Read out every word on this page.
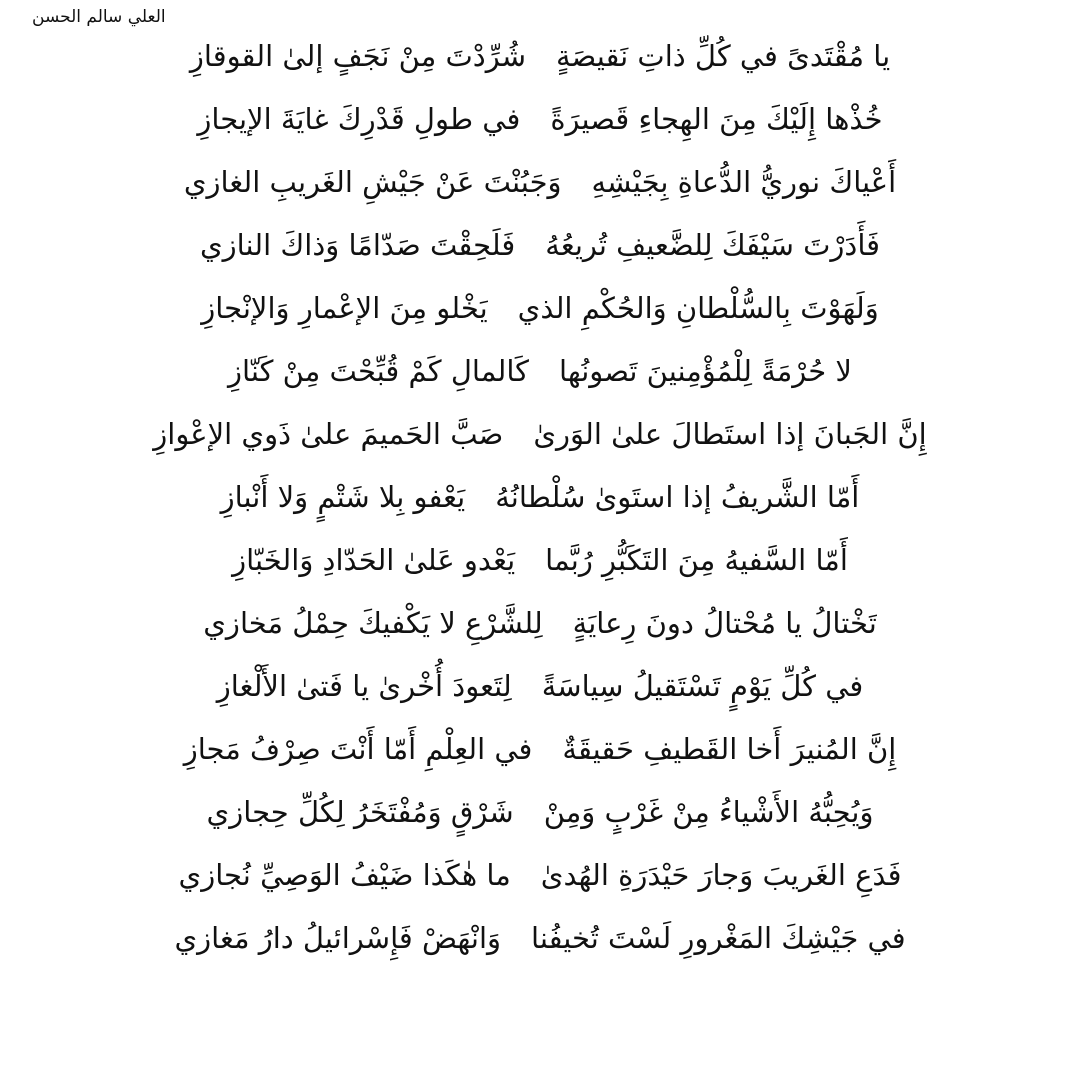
العلي سالم الحسن
يا مُقْتَدىً في كُلِّ ذاتِ نَقيصَةٍ
شُرِّدْتَ مِنْ نَجَفٍ إلىٰ القوقازِ
خُذْها إِلَيْكَ مِنَ الهِجاءِ قَصيرَةً
في طولِ قَدْرِكَ غايَةَ الإيجازِ
أَعْياكَ نوريُّ الدُّعاةِ بِجَيْشِهِ
وَجَبُنْتَ عَنْ جَيْشِ الغَريبِ الغازي
فَأَدَرْتَ سَيْفَكَ لِلضَّعيفِ تُريعُهُ
فَلَحِقْتَ صَدّامًا وَذاكَ النازي
وَلَهَوْتَ بِالسُّلْطانِ وَالحُكْمِ الذي
يَخْلو مِنَ الإعْمارِ وَالإنْجازِ
لا حُرْمَةً لِلْمُؤْمِنينَ تَصونُها
كَالمالِ كَمْ قُبِّحْتَ مِنْ كَنّازِ
إِنَّ الجَبانَ إذا استَطالَ علىٰ الوَرىٰ
صَبَّ الحَميمَ علىٰ ذَوي الإعْوازِ
أَمّا الشَّريفُ إذا استَوىٰ سُلْطانُهُ
يَعْفو بِلا شَتْمٍ وَلا أَنْبازِ
أَمّا السَّفيهُ مِنَ التَكَبُّرِ رُبَّما
يَعْدو عَلىٰ الحَدّادِ وَالخَبّازِ
تَخْتالُ يا مُحْتالُ دونَ رِعايَةٍ
لِلشَّرْعِ لا يَكْفيكَ حِمْلُ مَخازي
في كُلِّ يَوْمٍ تَسْتَقيلُ سِياسَةً
لِتَعودَ أُخْرىٰ يا فَتىٰ الأَلْغازِ
إِنَّ المُنيرَ أَخا القَطيفِ حَقيقَةٌ
في العِلْمِ أَمّا أَنْتَ صِرْفُ مَجازِ
وَيُحِبُّهُ الأَشْياءُ مِنْ غَرْبٍ وَمِنْ
شَرْقٍ وَمُفْتَخَرُ لِكُلِّ حِجازي
فَدَعِ الغَريبَ وَجارَ حَيْدَرَةِ الهُدىٰ
ما هٰكَذا ضَيْفُ الوَصِيِّ نُجازي
في جَيْشِكَ المَغْرورِ لَسْتَ تُخيفُنا
وَانْهَضْ فَإِسْرائيلُ دارُ مَغازي
